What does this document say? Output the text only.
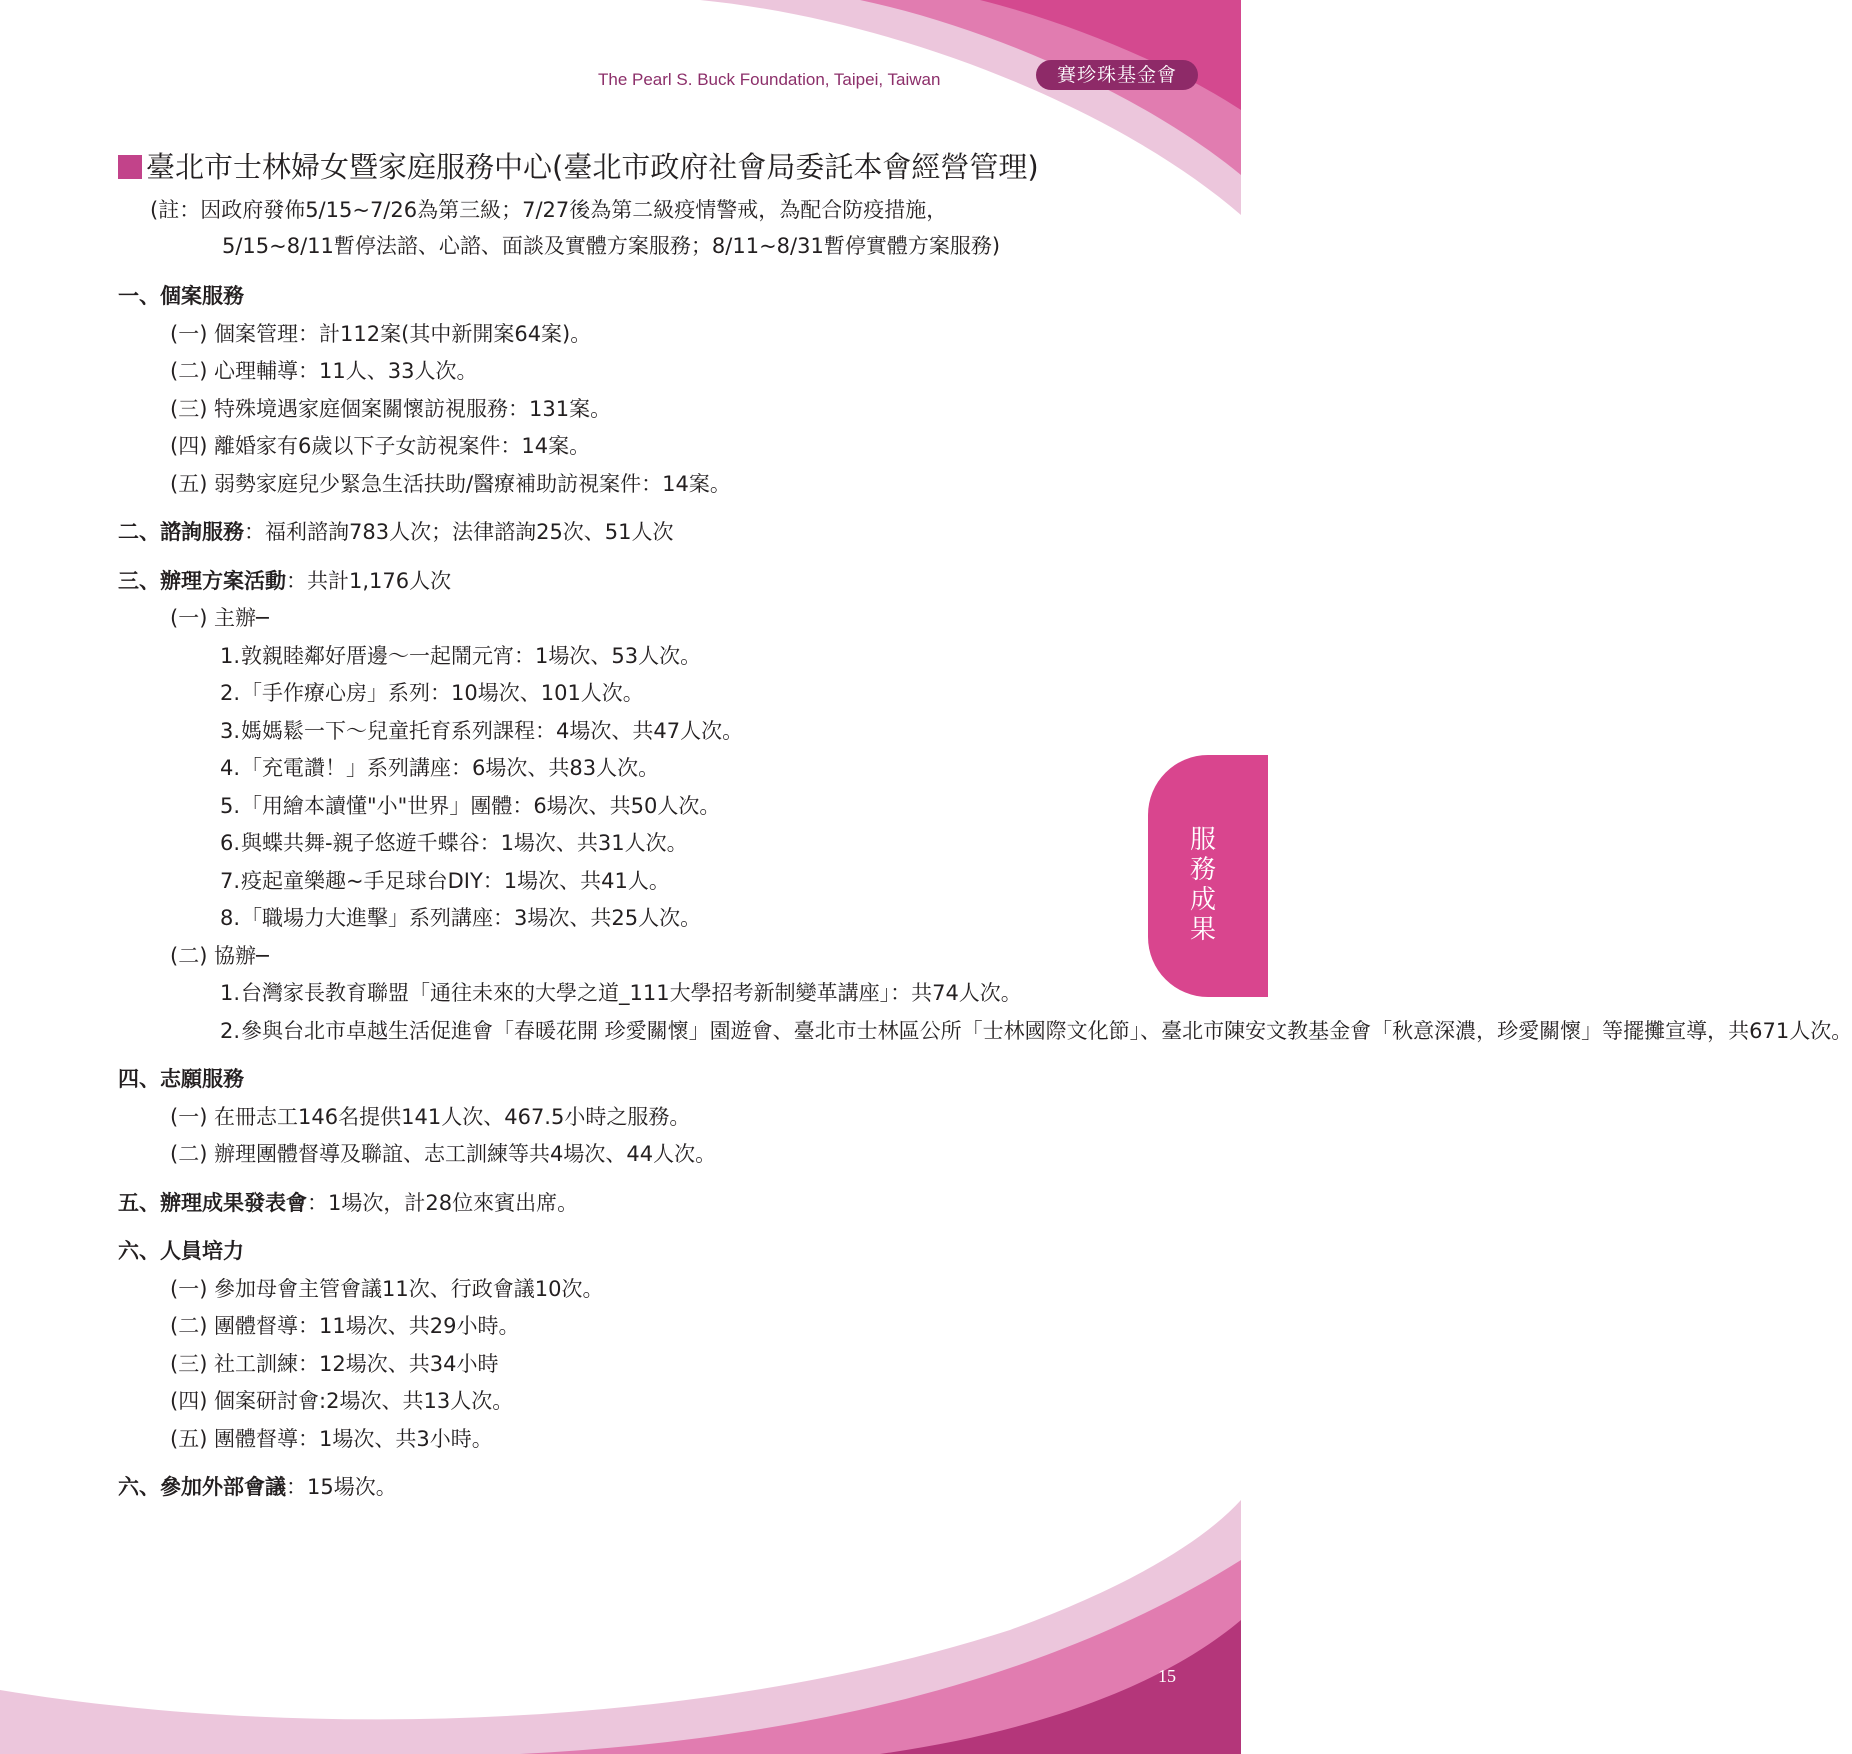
The Pearl S. Buck Foundation, Taipei, Taiwan	賽珍珠基金會
服務成果
臺北市士林婦女暨家庭服務中心(臺北市政府社會局委託本會經營管理)
(註：因政府發佈5/15~7/26為第三級；7/27後為第二級疫情警戒，為配合防疫措施，
5/15~8/11暫停法諮、心諮、面談及實體方案服務；8/11~8/31暫停實體方案服務)
一、個案服務
(一) 個案管理：計112案(其中新開案64案)。
(二) 心理輔導：11人、33人次。
(三) 特殊境遇家庭個案關懷訪視服務：131案。
(四) 離婚家有6歲以下子女訪視案件：14案。
(五) 弱勢家庭兒少緊急生活扶助/醫療補助訪視案件：14案。
二、諮詢服務：福利諮詢783人次；法律諮詢25次、51人次
三、辦理方案活動：共計1,176人次
(一) 主辦─
1. 敦親睦鄰好厝邊～一起鬧元宵：1場次、53人次。
2. 「手作療心房」系列：10場次、101人次。
3. 媽媽鬆一下～兒童托育系列課程：4場次、共47人次。
4. 「充電讚！」系列講座：6場次、共83人次。
5. 「用繪本讀懂"小"世界」團體：6場次、共50人次。
6. 與蝶共舞-親子悠遊千蝶谷：1場次、共31人次。
7. 疫起童樂趣~手足球台DIY：1場次、共41人。
8. 「職場力大進擊」系列講座：3場次、共25人次。
(二) 協辦─
1. 台灣家長教育聯盟「通往未來的大學之道_111大學招考新制變革講座」：共74人次。
2. 參與台北市卓越生活促進會「春暖花開 珍愛關懷」園遊會、臺北市士林區公所「士林國際文化節」、臺北市陳安文教基金會「秋意深濃，珍愛關懷」等擺攤宣導，共671人次。
四、志願服務
(一) 在冊志工146名提供141人次、467.5小時之服務。
(二) 辦理團體督導及聯誼、志工訓練等共4場次、44人次。
五、辦理成果發表會：1場次，計28位來賓出席。
六、人員培力
(一) 參加母會主管會議11次、行政會議10次。
(二) 團體督導：11場次、共29小時。
(三) 社工訓練：12場次、共34小時
(四) 個案研討會:2場次、共13人次。
(五) 團體督導：1場次、共3小時。
六、參加外部會議：15場次。
15
